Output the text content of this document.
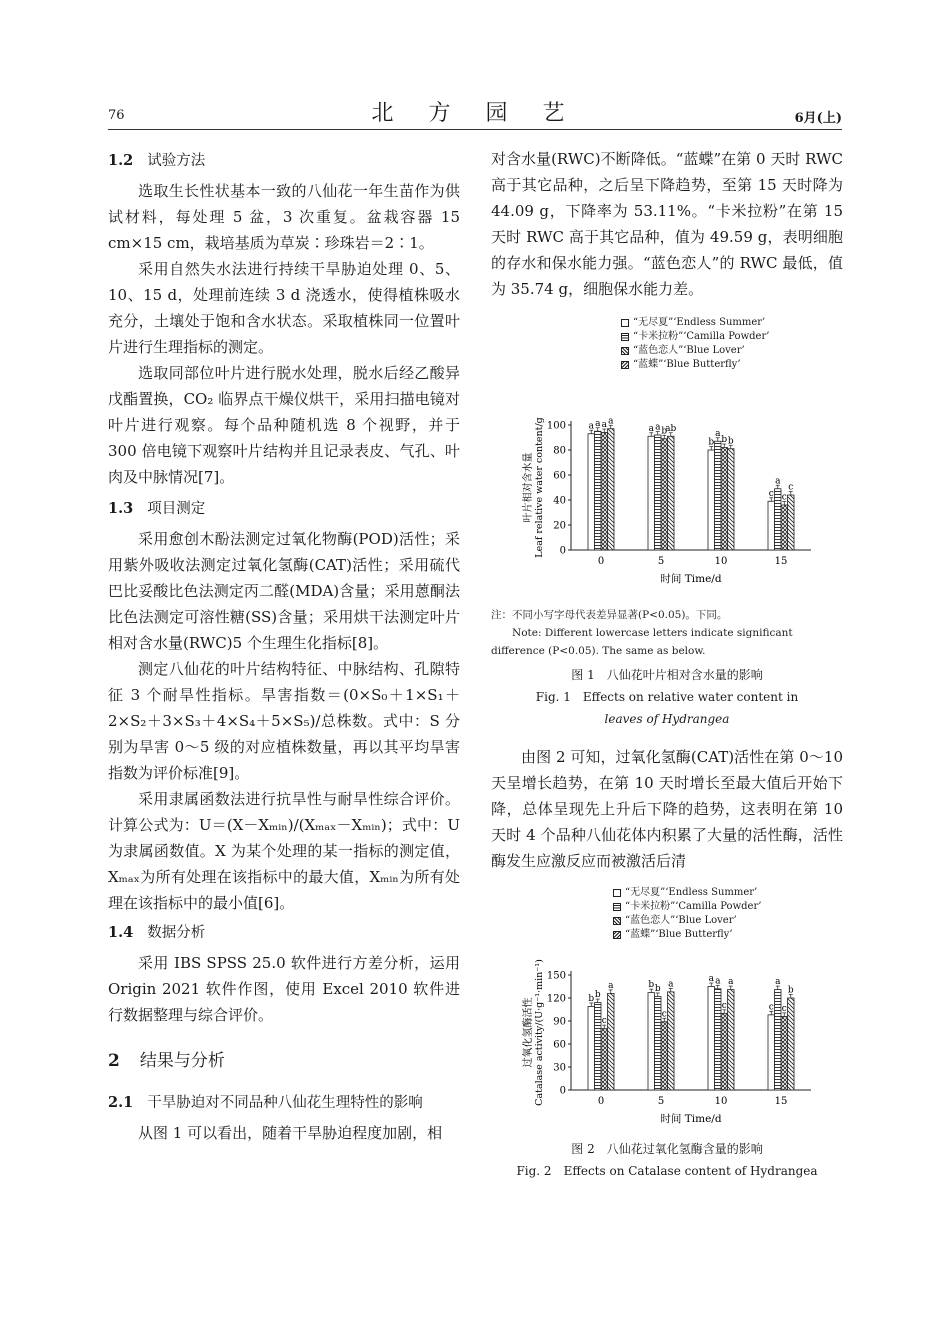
76	北 方 园 艺	6月(上)
1.2 试验方法

选取生长性状基本一致的八仙花一年生苗作为供试材料，每处理 5 盆，3 次重复。盆栽容器 15 cm×15 cm，栽培基质为草炭∶珍珠岩＝2∶1。

采用自然失水法进行持续干旱胁迫处理 0、5、10、15 d，处理前连续 3 d 浇透水，使得植株吸水充分，土壤处于饱和含水状态。采取植株同一位置叶片进行生理指标的测定。

选取同部位叶片进行脱水处理，脱水后经乙酸异戊酯置换，CO₂ 临界点干燥仪烘干，采用扫描电镜对叶片进行观察。每个品种随机选 8 个视野，并于 300 倍电镜下观察叶片结构并且记录表皮、气孔、叶肉及中脉情况[7]。

1.3 项目测定

采用愈创木酚法测定过氧化物酶(POD)活性；采用紫外吸收法测定过氧化氢酶(CAT)活性；采用硫代巴比妥酸比色法测定丙二醛(MDA)含量；采用蒽酮法比色法测定可溶性糖(SS)含量；采用烘干法测定叶片相对含水量(RWC)5 个生理生化指标[8]。

测定八仙花的叶片结构特征、中脉结构、孔隙特征 3 个耐旱性指标。旱害指数＝(0×S₀＋1×S₁＋2×S₂＋3×S₃＋4×S₄＋5×S₅)/总株数。式中：S 分别为旱害 0～5 级的对应植株数量，再以其平均旱害指数为评价标准[9]。

采用隶属函数法进行抗旱性与耐旱性综合评价。计算公式为：U＝(X－Xₘᵢₙ)/(Xₘₐₓ－Xₘᵢₙ)；式中：U 为隶属函数值。X 为某个处理的某一指标的测定值，Xₘₐₓ为所有处理在该指标中的最大值，Xₘᵢₙ为所有处理在该指标中的最小值[6]。

1.4 数据分析

采用 IBS SPSS 25.0 软件进行方差分析，运用 Origin 2021 软件作图，使用 Excel 2010 软件进行数据整理与综合评价。

2 结果与分析
2.1 干旱胁迫对不同品种八仙花生理特性的影响

从图 1 可以看出，随着干旱胁迫程度加剧，相

对含水量(RWC)不断降低。“蓝蝶”在第 0 天时 RWC 高于其它品种，之后呈下降趋势，至第 15 天时降为 44.09 g，下降率为 53.11%。“卡米拉粉”在第 15 天时 RWC 高于其它品种，值为 49.59 g，表明细胞的存水和保水能力强。“蓝色恋人”的 RWC 最低，值为 35.74 g，细胞保水能力差。

“无尽夏”‘Endless Summer’
“卡米拉粉”‘Camilla Powder’
“蓝色恋人”‘Blue Lover’
“蓝蝶”‘Blue Butterfly’
0
20
40
60
80
100
叶片相对含水量 Leaf relative water content/g
0
a a a a
5
a a b
ab
10
b
a
b b
15
c
a
c
c
时间 Time/d
注：不同小写字母代表差异显著(P<0.05)。下同。
Note: Different lowercase letters indicate significant difference (P<0.05). The same as below.
图 1　八仙花叶片相对含水量的影响
Fig. 1　Effects on relative water content in
leaves of Hydrangea

由图 2 可知，过氧化氢酶(CAT)活性在第 0～10 天呈增长趋势，在第 10 天时增长至最大值后开始下降，总体呈现先上升后下降的趋势，这表明在第 10 天时 4 个品种八仙花体内积累了大量的活性酶，活性酶发生应激反应而被激活后清

“无尽夏”‘Endless Summer’
“卡米拉粉”‘Camilla Powder’
“蓝色恋人”‘Blue Lover’
“蓝蝶”‘Blue Butterfly’
0
30
60
90
120
150
过氧化氢酶活性 Catalase activity/(U·g⁻¹·min⁻¹)	0
b b
c
a
5
b b
c
a
10
a a
c
a
15
c
a
c
b
时间 Time/d
图 2　八仙花过氧化氢酶含量的影响
Fig. 2　Effects on Catalase content of Hydrangea
